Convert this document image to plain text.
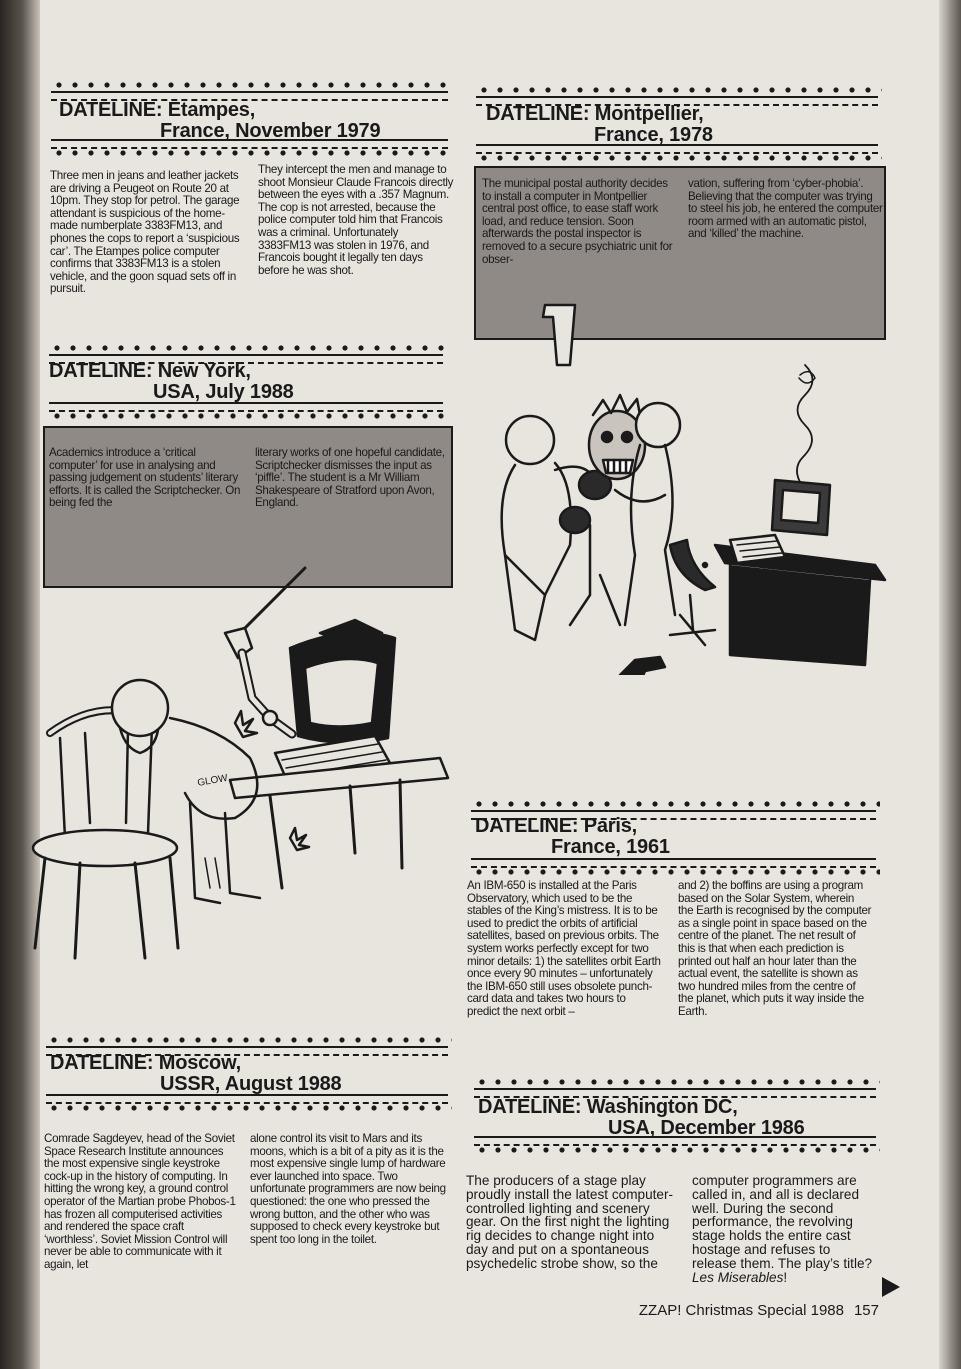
DATELINE: Etampes,
France, November 1979
Three men in jeans and leather jackets are driving a Peugeot on Route 20 at 10pm. They stop for petrol. The garage attendant is suspicious of the home-made numberplate 3383FM13, and phones the cops to report a ‘suspicious car’. The Etampes police computer confirms that 3383FM13 is a stolen vehicle, and the goon squad sets off in pursuit.
They intercept the men and manage to shoot Monsieur Claude Francois directly between the eyes with a .357 Magnum. The cop is not arrested, because the police computer told him that Francois was a criminal. Unfortunately 3383FM13 was stolen in 1976, and Francois bought it legally ten days before he was shot.
DATELINE: Montpellier,
France, 1978
The municipal postal authority decides to install a computer in Montpellier central post office, to ease staff work load, and reduce tension. Soon afterwards the postal inspector is removed to a secure psychiatric unit for obser-
vation, suffering from ‘cyber-phobia’. Believing that the computer was trying to steel his job, he entered the computer room armed with an automatic pistol, and ‘killed’ the machine.
DATELINE: New York,
USA, July 1988
Academics introduce a ‘critical computer’ for use in analysing and passing judgement on students’ literary efforts. It is called the Scriptchecker. On being fed the
literary works of one hopeful candidate, Scriptchecker dismisses the input as ‘piffle’. The student is a Mr William Shakespeare of Stratford upon Avon, England.
GLOW
DATELINE: Paris,
France, 1961
An IBM-650 is installed at the Paris Observatory, which used to be the stables of the King’s mistress. It is to be used to predict the orbits of artificial satellites, based on previous orbits. The system works perfectly except for two minor details: 1) the satellites orbit Earth once every 90 minutes – unfortunately the IBM-650 still uses obsolete punch-card data and takes two hours to predict the next orbit –
and 2) the boffins are using a program based on the Solar System, wherein the Earth is recognised by the computer as a single point in space based on the centre of the planet. The net result of this is that when each prediction is printed out half an hour later than the actual event, the satellite is shown as two hundred miles from the centre of the planet, which puts it way inside the Earth.
DATELINE: Moscow,
USSR, August 1988
Comrade Sagdeyev, head of the Soviet Space Research Institute announces the most expensive single keystroke cock-up in the history of computing. In hitting the wrong key, a ground control operator of the Martian probe Phobos-1 has frozen all computerised activities and rendered the space craft ‘worthless’. Soviet Mission Control will never be able to communicate with it again, let
alone control its visit to Mars and its moons, which is a bit of a pity as it is the most expensive single lump of hardware ever launched into space. Two unfortunate programmers are now being questioned: the one who pressed the wrong button, and the other who was supposed to check every keystroke but spent too long in the toilet.
DATELINE: Washington DC,
USA, December 1986
The producers of a stage play proudly install the latest computer-controlled lighting and scenery gear. On the first night the lighting rig decides to change night into day and put on a spontaneous psychedelic strobe show, so the
computer programmers are called in, and all is declared well. During the second performance, the revolving stage holds the entire cast hostage and refuses to release them. The play’s title? Les Miserables!
ZZAP! Christmas Special 1988 157
